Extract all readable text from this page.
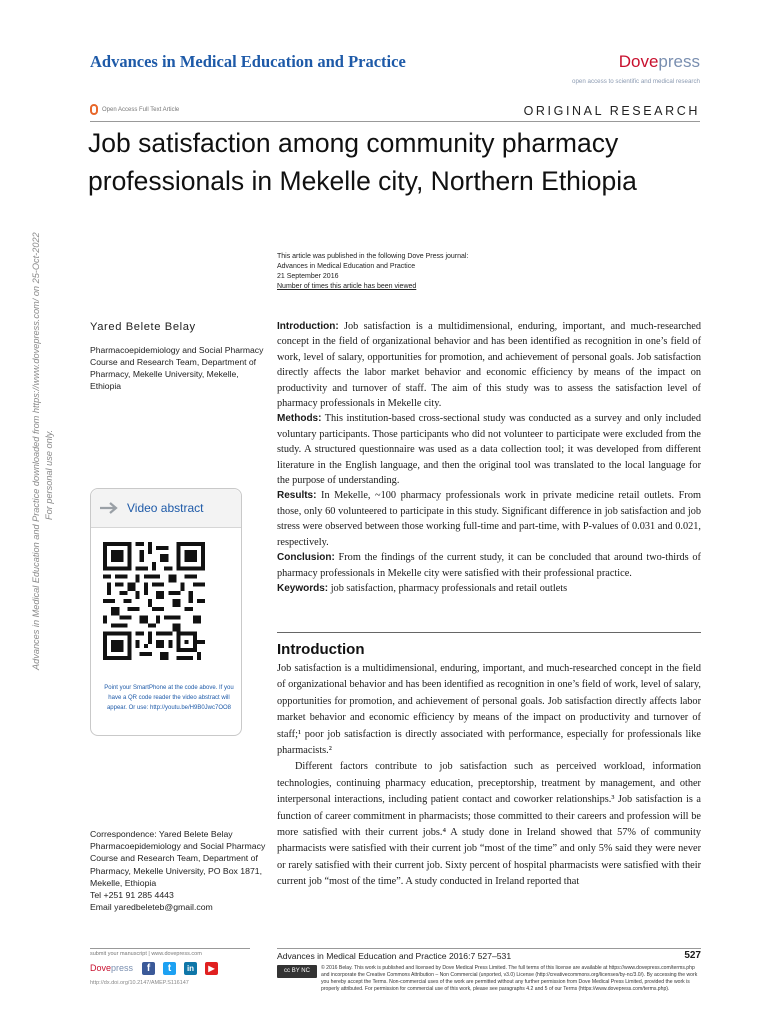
Advances in Medical Education and Practice	Dovepress
open access to scientific and medical research
Open Access Full Text Article	ORIGINAL RESEARCH
Job satisfaction among community pharmacy professionals in Mekelle city, Northern Ethiopia
Advances in Medical Education and Practice downloaded from https://www.dovepress.com/ on 25-Oct-2022 For personal use only.
This article was published in the following Dove Press journal:
Advances in Medical Education and Practice
21 September 2016
Number of times this article has been viewed
Yared Belete Belay
Pharmacoepidemiology and Social Pharmacy Course and Research Team, Department of Pharmacy, Mekelle University, Mekelle, Ethiopia

Introduction: Job satisfaction is a multidimensional, enduring, important, and much-researched concept in the field of organizational behavior and has been identified as recognition in one’s field of work, level of salary, opportunities for promotion, and achievement of personal goals. Job satisfaction directly affects the labor market behavior and economic efficiency by means of the impact on productivity and turnover of staff. The aim of this study was to assess the satisfaction level of pharmacy professionals in Mekelle city.

Methods: This institution-based cross-sectional study was conducted as a survey and only included voluntary participants. Those participants who did not volunteer to participate were excluded from the study. A structured questionnaire was used as a data collection tool; it was developed from different literature in the English language, and then the original tool was translated to the local language for the purpose of understanding.

Results: In Mekelle, ~100 pharmacy professionals work in private medicine retail outlets. From those, only 60 volunteered to participate in this study. Significant difference in job satisfaction and job stress were observed between those working full-time and part-time, with P-values of 0.031 and 0.021, respectively.

Conclusion: From the findings of the current study, it can be concluded that around two-thirds of pharmacy professionals in Mekelle city were satisfied with their professional practice.

Keywords: job satisfaction, pharmacy professionals and retail outlets

Video abstract
Point your SmartPhone at the code above. If you have a QR code reader the video abstract will appear. Or use: http://youtu.be/H9B0Jwc7OO8
Introduction

Job satisfaction is a multidimensional, enduring, important, and much-researched concept in the field of organizational behavior and has been identified as recognition in one’s field of work, level of salary, opportunities for promotion, and achievement of personal goals. Job satisfaction directly affects labor market behavior and economic efficiency by means of the impact on productivity and turnover of staff;¹ poor job satisfaction is directly associated with performance, especially for professionals like pharmacists.²

Different factors contribute to job satisfaction such as perceived workload, information technologies, continuing pharmacy education, preceptorship, treatment by management, and other interpersonal interactions, including patient contact and coworker relationships.³ Job satisfaction is a function of career commitment in pharmacists; those committed to their careers and profession will be more satisfied with their current jobs.⁴ A study done in Ireland showed that 57% of community pharmacists were satisfied with their current job “most of the time” and only 5% said they were never or rarely satisfied with their current job. Sixty percent of hospital pharmacists were satisfied with their current job “most of the time”. A study conducted in Ireland reported that

Correspondence: Yared Belete Belay
Pharmacoepidemiology and Social Pharmacy Course and Research Team, Department of Pharmacy, Mekelle University, PO Box 1871, Mekelle, Ethiopia
Tel +251 91 285 4443
Email yaredbeleteb@gmail.com
submit your manuscript | www.dovepress.com
Dovepress	f	t	in	▶
http://dx.doi.org/10.2147/AMEP.S116147
Advances in Medical Education and Practice 2016:7 527–531	527
cc BY NC	© 2016 Belay. This work is published and licensed by Dove Medical Press Limited. The full terms of this license are available at https://www.dovepress.com/terms.php and incorporate the Creative Commons Attribution – Non Commercial (unported, v3.0) License (http://creativecommons.org/licenses/by-nc/3.0/). By accessing the work you hereby accept the Terms. Non-commercial uses of the work are permitted without any further permission from Dove Medical Press Limited, provided the work is properly attributed. For permission for commercial use of this work, please see paragraphs 4.2 and 5 of our Terms (https://www.dovepress.com/terms.php).
